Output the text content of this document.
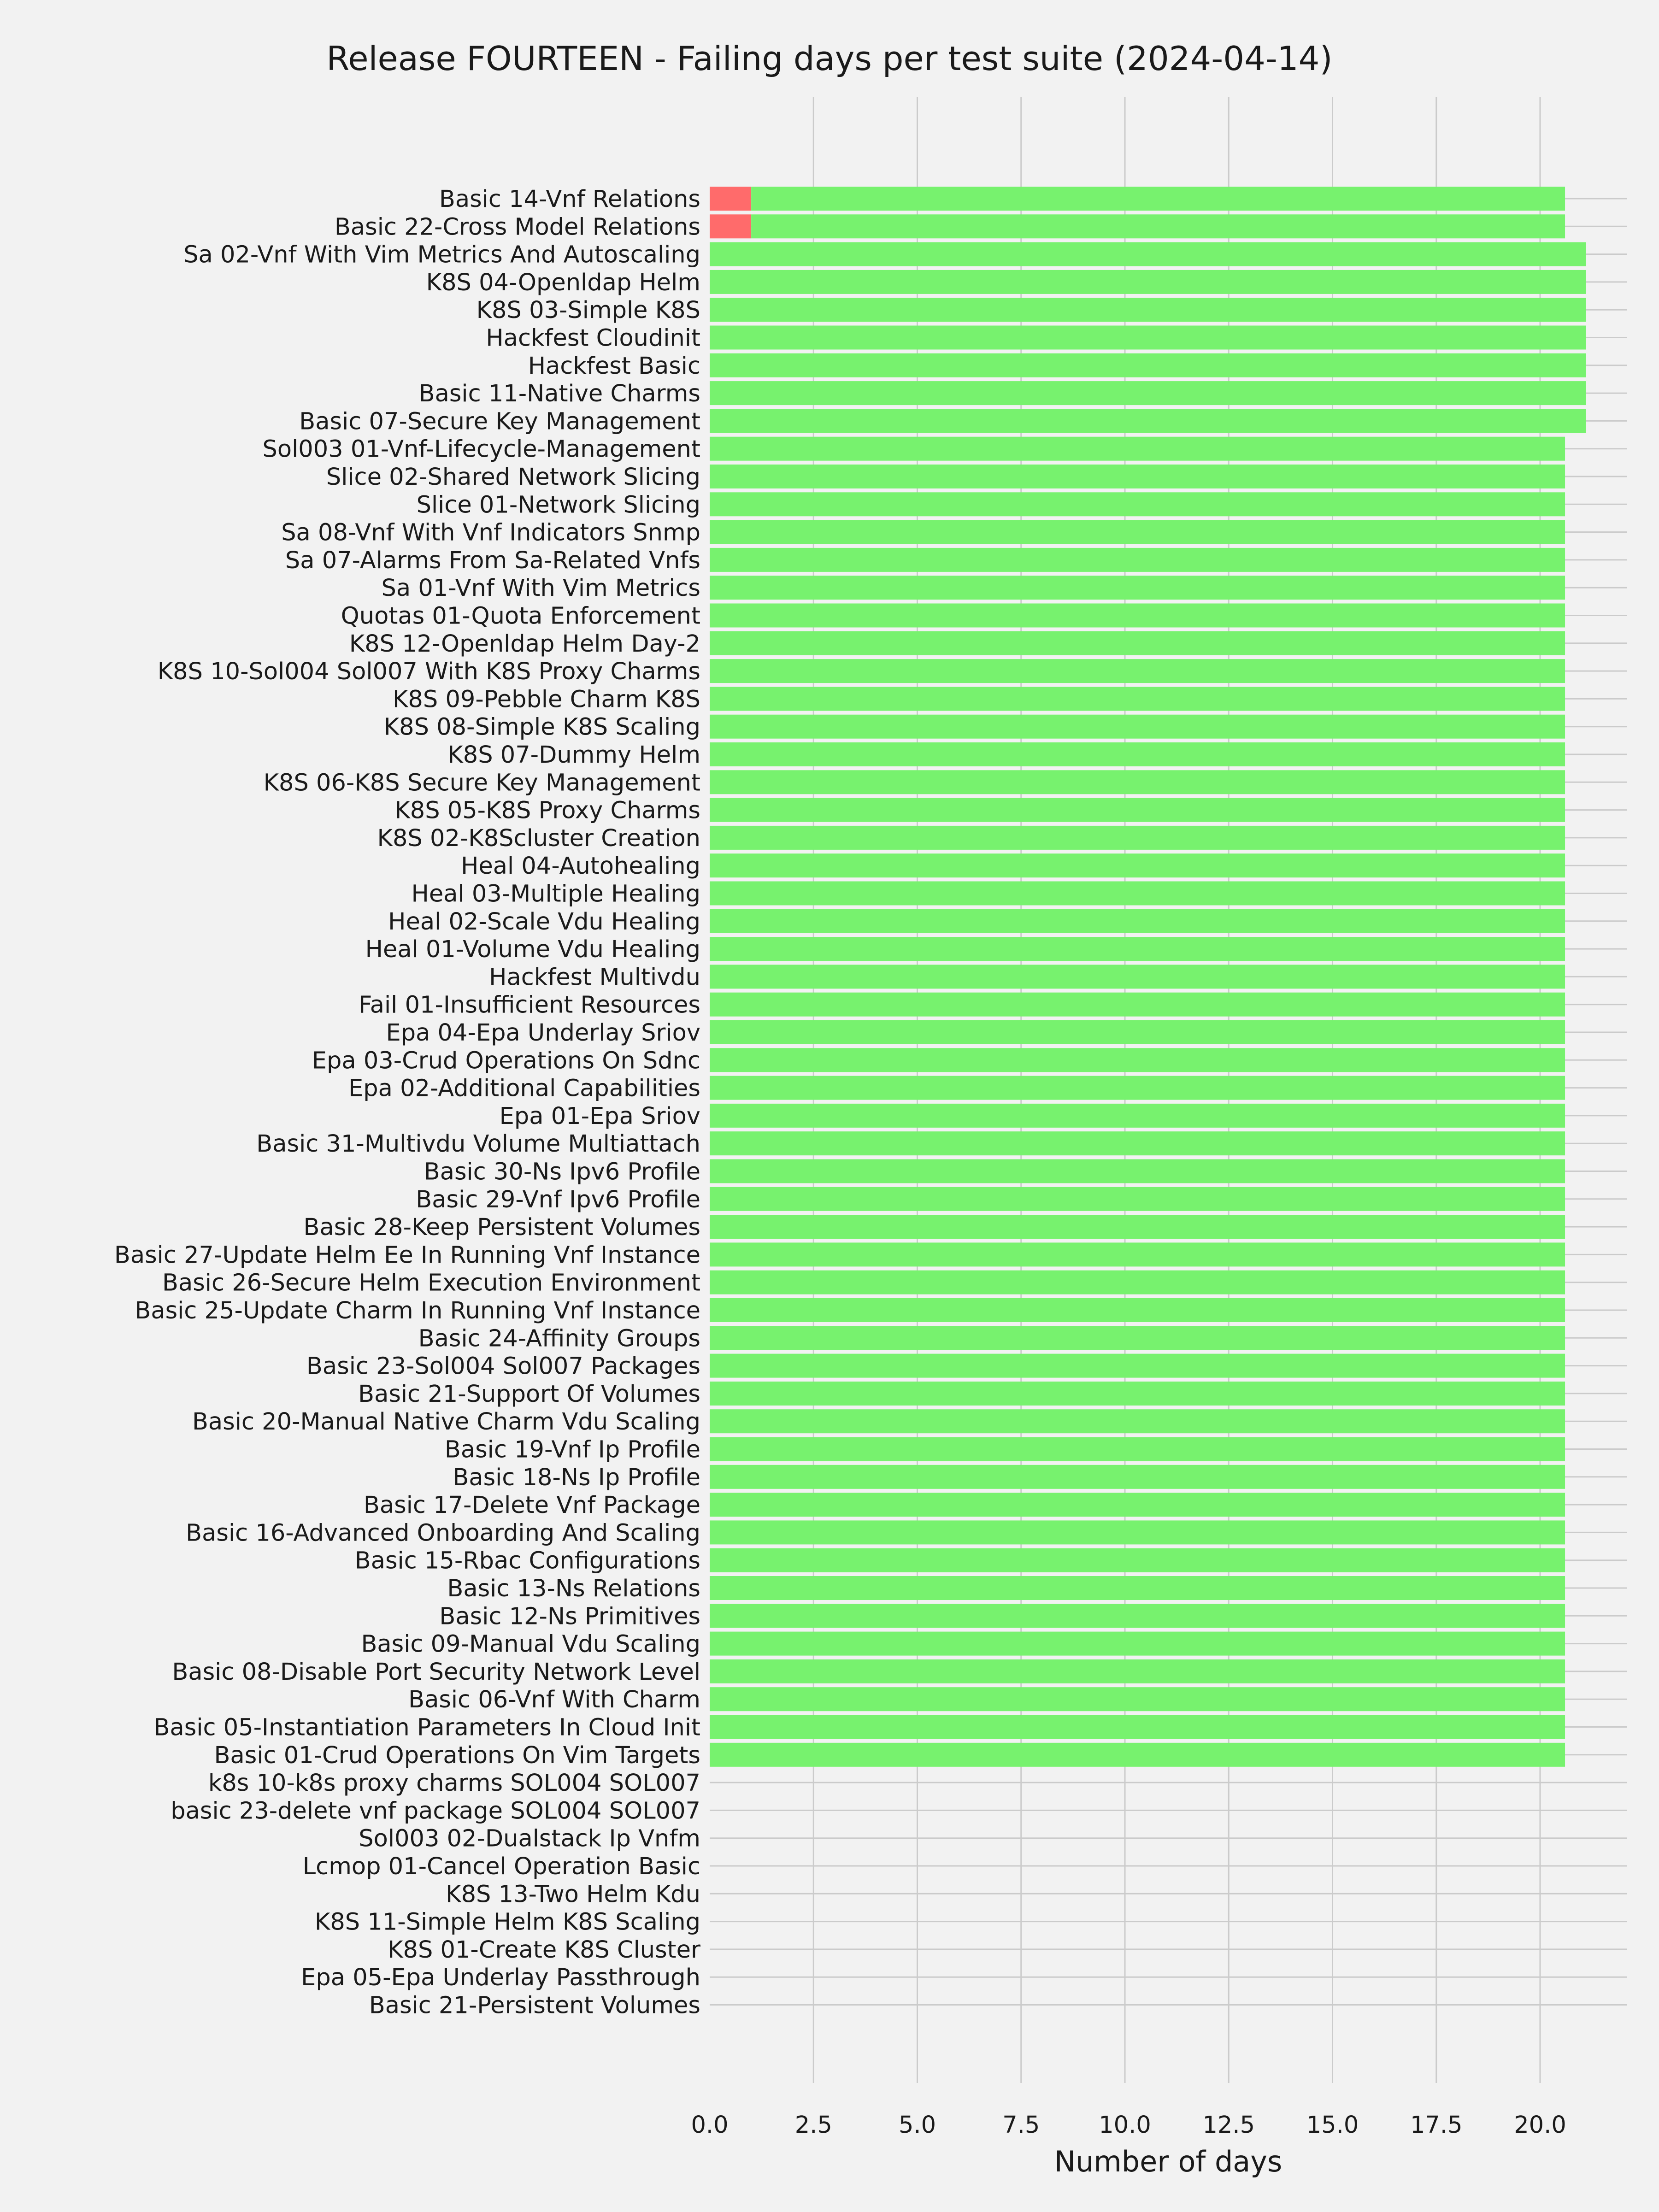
Basic 14-Vnf Relations
Basic 22-Cross Model Relations
Sa 02-Vnf With Vim Metrics And Autoscaling
K8S 04-Openldap Helm
K8S 03-Simple K8S
Hackfest Cloudinit
Hackfest Basic
Basic 11-Native Charms
Basic 07-Secure Key Management
Sol003 01-Vnf-Lifecycle-Management
Slice 02-Shared Network Slicing
Slice 01-Network Slicing
Sa 08-Vnf With Vnf Indicators Snmp
Sa 07-Alarms From Sa-Related Vnfs
Sa 01-Vnf With Vim Metrics
Quotas 01-Quota Enforcement
K8S 12-Openldap Helm Day-2
K8S 10-Sol004 Sol007 With K8S Proxy Charms
K8S 09-Pebble Charm K8S
K8S 08-Simple K8S Scaling
K8S 07-Dummy Helm
K8S 06-K8S Secure Key Management
K8S 05-K8S Proxy Charms
K8S 02-K8Scluster Creation
Heal 04-Autohealing
Heal 03-Multiple Healing
Heal 02-Scale Vdu Healing
Heal 01-Volume Vdu Healing
Hackfest Multivdu
Fail 01-Insufficient Resources
Epa 04-Epa Underlay Sriov
Epa 03-Crud Operations On Sdnc
Epa 02-Additional Capabilities
Epa 01-Epa Sriov
Basic 31-Multivdu Volume Multiattach
Basic 30-Ns Ipv6 Profile
Basic 29-Vnf Ipv6 Profile
Basic 28-Keep Persistent Volumes
Basic 27-Update Helm Ee In Running Vnf Instance
Basic 26-Secure Helm Execution Environment
Basic 25-Update Charm In Running Vnf Instance
Basic 24-Affinity Groups
Basic 23-Sol004 Sol007 Packages
Basic 21-Support Of Volumes
Basic 20-Manual Native Charm Vdu Scaling
Basic 19-Vnf Ip Profile
Basic 18-Ns Ip Profile
Basic 17-Delete Vnf Package
Basic 16-Advanced Onboarding And Scaling
Basic 15-Rbac Configurations
Basic 13-Ns Relations
Basic 12-Ns Primitives
Basic 09-Manual Vdu Scaling
Basic 08-Disable Port Security Network Level
Basic 06-Vnf With Charm
Basic 05-Instantiation Parameters In Cloud Init
Basic 01-Crud Operations On Vim Targets
k8s 10-k8s proxy charms SOL004 SOL007
basic 23-delete vnf package SOL004 SOL007
Sol003 02-Dualstack Ip Vnfm
Lcmop 01-Cancel Operation Basic
K8S 13-Two Helm Kdu
K8S 11-Simple Helm K8S Scaling
K8S 01-Create K8S Cluster
Epa 05-Epa Underlay Passthrough
Basic 21-Persistent Volumes
0.0	2.5	5.0	7.5	10.0 12.5 15.0 17.5 20.0
Release FOURTEEN - Failing days per test suite (2024-04-14)
Number of days
